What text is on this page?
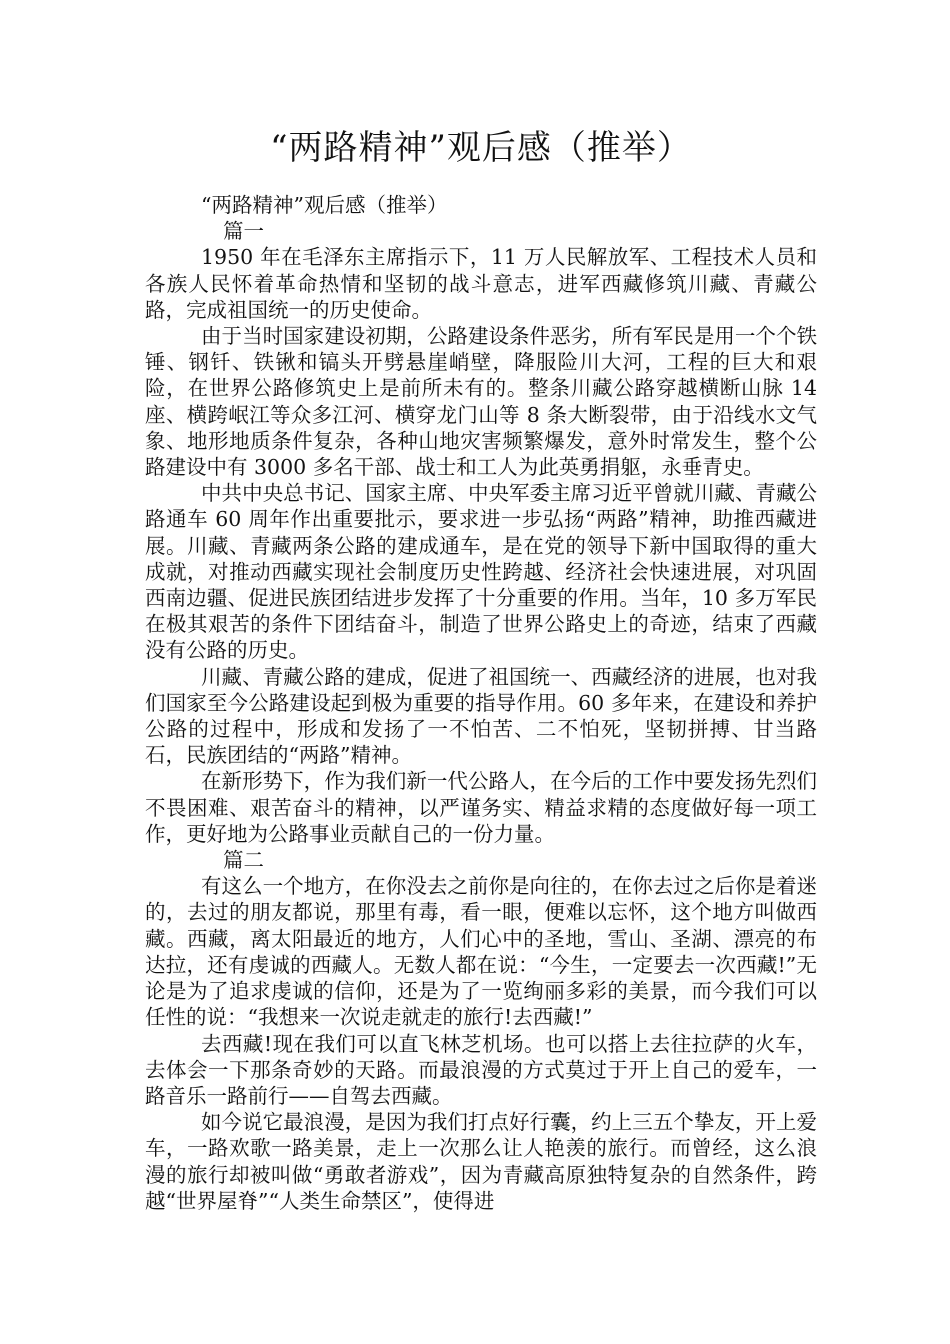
“两路精神”观后感（推举）

“两路精神”观后感（推举）

篇一

1950 年在毛泽东主席指示下，11 万人民解放军、工程技术人员和各族人民怀着革命热情和坚韧的战斗意志，进军西藏修筑川藏、青藏公路，完成祖国统一的历史使命。

由于当时国家建设初期，公路建设条件恶劣，所有军民是用一个个铁锤、钢钎、铁锹和镐头开劈悬崖峭壁，降服险川大河，工程的巨大和艰险，在世界公路修筑史上是前所未有的。整条川藏公路穿越横断山脉 14 座、横跨岷江等众多江河、横穿龙门山等 8 条大断裂带，由于沿线水文气象、地形地质条件复杂，各种山地灾害频繁爆发，意外时常发生，整个公路建设中有 3000 多名干部、战士和工人为此英勇捐躯，永垂青史。

中共中央总书记、国家主席、中央军委主席习近平曾就川藏、青藏公路通车 60 周年作出重要批示，要求进一步弘扬“两路”精神，助推西藏进展。川藏、青藏两条公路的建成通车，是在党的领导下新中国取得的重大成就，对推动西藏实现社会制度历史性跨越、经济社会快速进展，对巩固西南边疆、促进民族团结进步发挥了十分重要的作用。当年，10 多万军民在极其艰苦的条件下团结奋斗，制造了世界公路史上的奇迹，结束了西藏没有公路的历史。

川藏、青藏公路的建成，促进了祖国统一、西藏经济的进展，也对我们国家至今公路建设起到极为重要的指导作用。60 多年来，在建设和养护公路的过程中，形成和发扬了一不怕苦、二不怕死，坚韧拼搏、甘当路石，民族团结的“两路”精神。

在新形势下，作为我们新一代公路人，在今后的工作中要发扬先烈们不畏困难、艰苦奋斗的精神，以严谨务实、精益求精的态度做好每一项工作，更好地为公路事业贡献自己的一份力量。

篇二

有这么一个地方，在你没去之前你是向往的，在你去过之后你是着迷的，去过的朋友都说，那里有毒，看一眼，便难以忘怀，这个地方叫做西藏。西藏，离太阳最近的地方，人们心中的圣地，雪山、圣湖、漂亮的布达拉，还有虔诚的西藏人。无数人都在说：“今生，一定要去一次西藏!”无论是为了追求虔诚的信仰，还是为了一览绚丽多彩的美景，而今我们可以任性的说：“我想来一次说走就走的旅行!去西藏!”

去西藏!现在我们可以直飞林芝机场。也可以搭上去往拉萨的火车，去体会一下那条奇妙的天路。而最浪漫的方式莫过于开上自己的爱车，一路音乐一路前行——自驾去西藏。

如今说它最浪漫，是因为我们打点好行囊，约上三五个挚友，开上爱车，一路欢歌一路美景，走上一次那么让人艳羡的旅行。而曾经，这么浪漫的旅行却被叫做“勇敢者游戏”，因为青藏高原独特复杂的自然条件，跨越“世界屋脊”“人类生命禁区”，使得进
